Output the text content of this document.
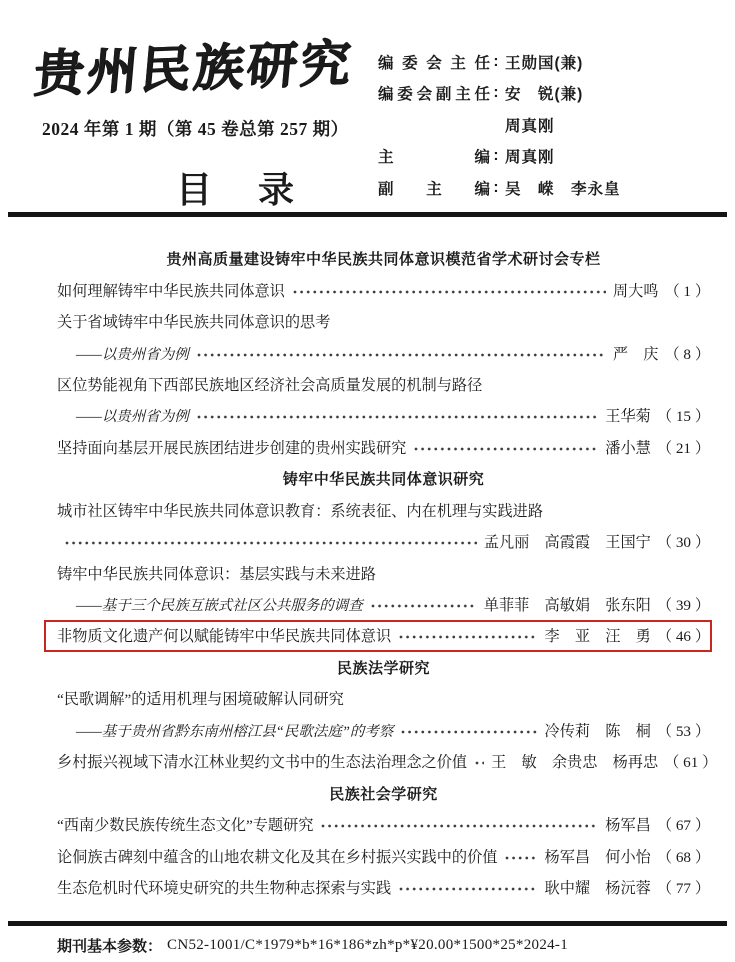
贵州民族研究
2024 年第 1 期（第 45 卷总第 257 期）
目　录
编委会主任 : 王勋国(兼)
编委会副主任 : 安　锐(兼)
周真刚
主编 : 周真刚
副主编 : 吴　嵘　李永皇
贵州高质量建设铸牢中华民族共同体意识模范省学术研讨会专栏
如何理解铸牢中华民族共同体意识	周大鸣 （ 1 ）
关于省域铸牢中华民族共同体意识的思考
——以贵州省为例	严　庆 （ 8 ）
区位势能视角下西部民族地区经济社会高质量发展的机制与路径
——以贵州省为例	王华菊 （ 15 ）
坚持面向基层开展民族团结进步创建的贵州实践研究	潘小慧 （ 21 ）
铸牢中华民族共同体意识研究
城市社区铸牢中华民族共同体意识教育：系统表征、内在机理与实践进路
孟凡丽　高霞霞　王国宁 （ 30 ）
铸牢中华民族共同体意识：基层实践与未来进路
——基于三个民族互嵌式社区公共服务的调查	单菲菲　高敏娟　张东阳 （ 39 ）
非物质文化遗产何以赋能铸牢中华民族共同体意识	李　亚　汪　勇 （ 46 ）
民族法学研究
“民歌调解”的适用机理与困境破解认同研究
——基于贵州省黔东南州榕江县“民歌法庭”的考察	冷传莉　陈　桐 （ 53 ）
乡村振兴视域下清水江林业契约文书中的生态法治理念之价值 王　敏　余贵忠　杨再忠 （ 61 ）
民族社会学研究
“西南少数民族传统生态文化”专题研究	杨军昌 （ 67 ）
论侗族古碑刻中蕴含的山地农耕文化及其在乡村振兴实践中的价值	杨军昌　何小怡 （ 68 ）
生态危机时代环境史研究的共生物种志探索与实践	耿中耀　杨沅蓉 （ 77 ）
期刊基本参数： CN52-1001/C*1979*b*16*186*zh*p*¥20.00*1500*25*2024-1
